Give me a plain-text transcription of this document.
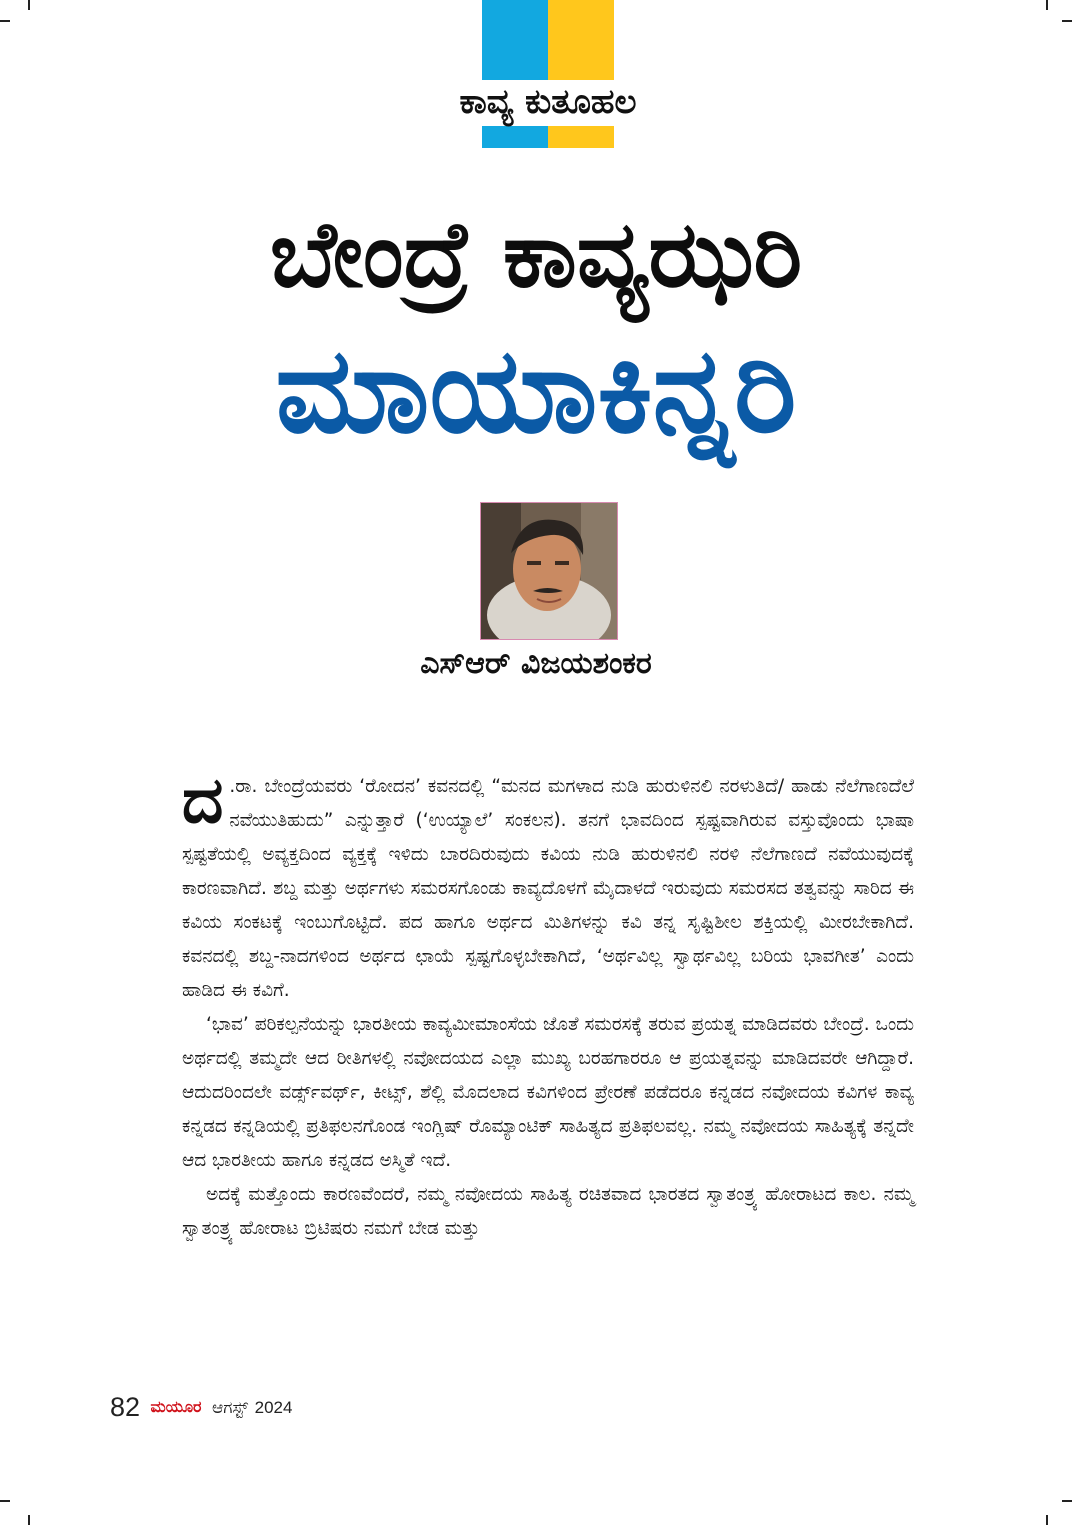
ಕಾವ್ಯ ಕುತೂಹಲ
ಬೇಂದ್ರೆ ಕಾವ್ಯಝರಿ
ಮಾಯಾಕಿನ್ನರಿ
ಎಸ್‌ಆರ್‌ ವಿಜಯಶಂಕರ

ದ .ರಾ. ಬೇಂದ್ರೆಯವರು ‘ರೋದನ’ ಕವನದಲ್ಲಿ “ಮನದ ಮಗಳಾದ ನುಡಿ ಹುರುಳಿನಲಿ ನರಳುತಿದೆ/ ಹಾಡು ನೆಲೆಗಾಣದೆಲೆ ನವೆಯುತಿಹುದು” ಎನ್ನುತ್ತಾರೆ (‘ಉಯ್ಯಾಲೆ’ ಸಂಕಲನ). ತನಗೆ ಭಾವದಿಂದ ಸ್ಪಷ್ಟವಾಗಿರುವ ವಸ್ತುವೊಂದು ಭಾಷಾ ಸ್ಪಷ್ಟತೆಯಲ್ಲಿ ಅವ್ಯಕ್ತದಿಂದ ವ್ಯಕ್ತಕ್ಕೆ ಇಳಿದು ಬಾರದಿರುವುದು ಕವಿಯ ನುಡಿ ಹುರುಳಿನಲಿ ನರಳಿ ನೆಲೆಗಾಣದೆ ನವೆಯುವುದಕ್ಕೆ ಕಾರಣವಾಗಿದೆ. ಶಬ್ದ ಮತ್ತು ಅರ್ಥಗಳು ಸಮರಸಗೊಂಡು ಕಾವ್ಯದೊಳಗೆ ಮೈದಾಳದೆ ಇರುವುದು ಸಮರಸದ ತತ್ವವನ್ನು ಸಾರಿದ ಈ ಕವಿಯ ಸಂಕಟಕ್ಕೆ ಇಂಬುಗೊಟ್ಟಿದೆ. ಪದ ಹಾಗೂ ಅರ್ಥದ ಮಿತಿಗಳನ್ನು ಕವಿ ತನ್ನ ಸೃಷ್ಟಿಶೀಲ ಶಕ್ತಿಯಲ್ಲಿ ಮೀರಬೇಕಾಗಿದೆ. ಕವನದಲ್ಲಿ ಶಬ್ದ-ನಾದಗಳಿಂದ ಅರ್ಥದ ಛಾಯೆ ಸ್ಪಷ್ಟಗೊಳ್ಳಬೇಕಾಗಿದೆ, ‘ಅರ್ಥವಿಲ್ಲ ಸ್ವಾರ್ಥವಿಲ್ಲ ಬರಿಯ ಭಾವಗೀತ’ ಎಂದು ಹಾಡಿದ ಈ ಕವಿಗೆ.

‘ಭಾವ’ ಪರಿಕಲ್ಪನೆಯನ್ನು ಭಾರತೀಯ ಕಾವ್ಯಮೀಮಾಂಸೆಯ ಜೊತೆ ಸಮರಸಕ್ಕೆ ತರುವ ಪ್ರಯತ್ನ ಮಾಡಿದವರು ಬೇಂದ್ರೆ. ಒಂದು ಅರ್ಥದಲ್ಲಿ ತಮ್ಮದೇ ಆದ ರೀತಿಗಳಲ್ಲಿ ನವೋದಯದ ಎಲ್ಲಾ ಮುಖ್ಯ ಬರಹಗಾರರೂ ಆ ಪ್ರಯತ್ನವನ್ನು ಮಾಡಿದವರೇ ಆಗಿದ್ದಾರೆ. ಆದುದರಿಂದಲೇ ವರ್ಡ್ಸ್‌ವರ್ಥ್, ಕೀಟ್ಸ್, ಶೆಲ್ಲಿ ಮೊದಲಾದ ಕವಿಗಳಿಂದ ಪ್ರೇರಣೆ ಪಡೆದರೂ ಕನ್ನಡದ ನವೋದಯ ಕವಿಗಳ ಕಾವ್ಯ ಕನ್ನಡದ ಕನ್ನಡಿಯಲ್ಲಿ ಪ್ರತಿಫಲನಗೊಂಡ ಇಂಗ್ಲಿಷ್ ರೊಮ್ಯಾಂಟಿಕ್ ಸಾಹಿತ್ಯದ ಪ್ರತಿಫಲವಲ್ಲ. ನಮ್ಮ ನವೋದಯ ಸಾಹಿತ್ಯಕ್ಕೆ ತನ್ನದೇ ಆದ ಭಾರತೀಯ ಹಾಗೂ ಕನ್ನಡದ ಅಸ್ಮಿತೆ ಇದೆ.

ಅದಕ್ಕೆ ಮತ್ತೊಂದು ಕಾರಣವೆಂದರೆ, ನಮ್ಮ ನವೋದಯ ಸಾಹಿತ್ಯ ರಚಿತವಾದ ಭಾರತದ ಸ್ವಾತಂತ್ರ್ಯ ಹೋರಾಟದ ಕಾಲ. ನಮ್ಮ ಸ್ವಾತಂತ್ರ್ಯ ಹೋರಾಟ ಬ್ರಿಟಿಷರು ನಮಗೆ ಬೇಡ ಮತ್ತು

82 ಮಯೂರ ಆಗಸ್ಟ್ 2024
